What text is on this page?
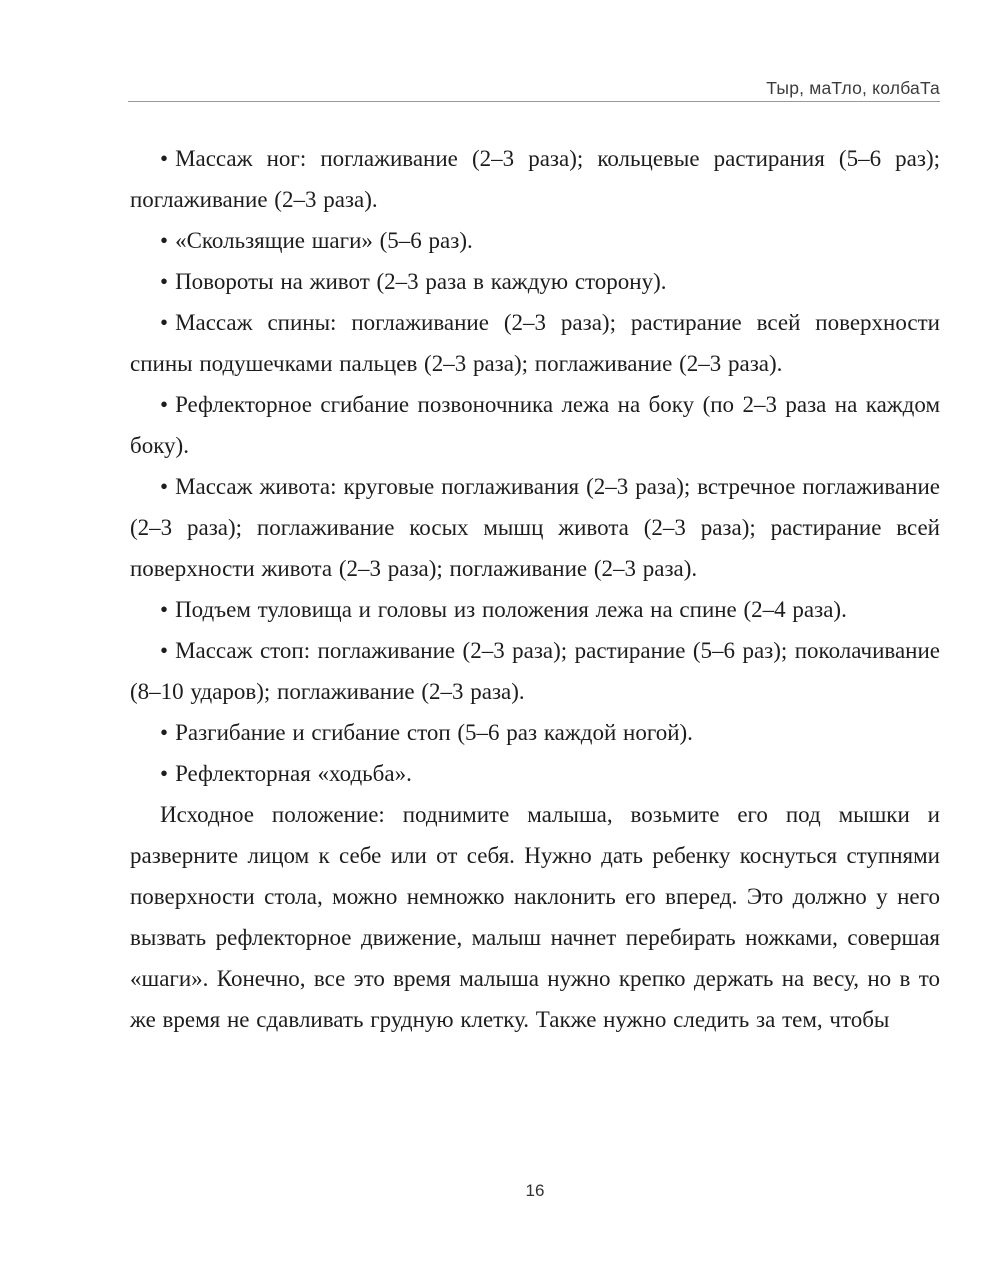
Тыр, маТло, колбаТа

• Массаж ног: поглаживание (2–3 раза); кольцевые растирания (5–6 раз); поглаживание (2–3 раза).

• «Скользящие шаги» (5–6 раз).

• Повороты на живот (2–3 раза в каждую сторону).

• Массаж спины: поглаживание (2–3 раза); растирание всей поверхности спины подушечками пальцев (2–3 раза); поглаживание (2–3 раза).

• Рефлекторное сгибание позвоночника лежа на боку (по 2–3 раза на каждом боку).

• Массаж живота: круговые поглаживания (2–3 раза); встречное поглаживание (2–3 раза); поглаживание косых мышц живота (2–3 раза); растирание всей поверхности живота (2–3 раза); поглаживание (2–3 раза).

• Подъем туловища и головы из положения лежа на спине (2–4 раза).

• Массаж стоп: поглаживание (2–3 раза); растирание (5–6 раз); поколачивание (8–10 ударов); поглаживание (2–3 раза).

• Разгибание и сгибание стоп (5–6 раз каждой ногой).

• Рефлекторная «ходьба».

Исходное положение: поднимите малыша, возьмите его под мышки и разверните лицом к себе или от себя. Нужно дать ребенку коснуться ступнями поверхности стола, можно немножко наклонить его вперед. Это должно у него вызвать рефлекторное движение, малыш начнет перебирать ножками, совершая «шаги». Конечно, все это время малыша нужно крепко держать на весу, но в то же время не сдавливать грудную клетку. Также нужно следить за тем, чтобы

16
